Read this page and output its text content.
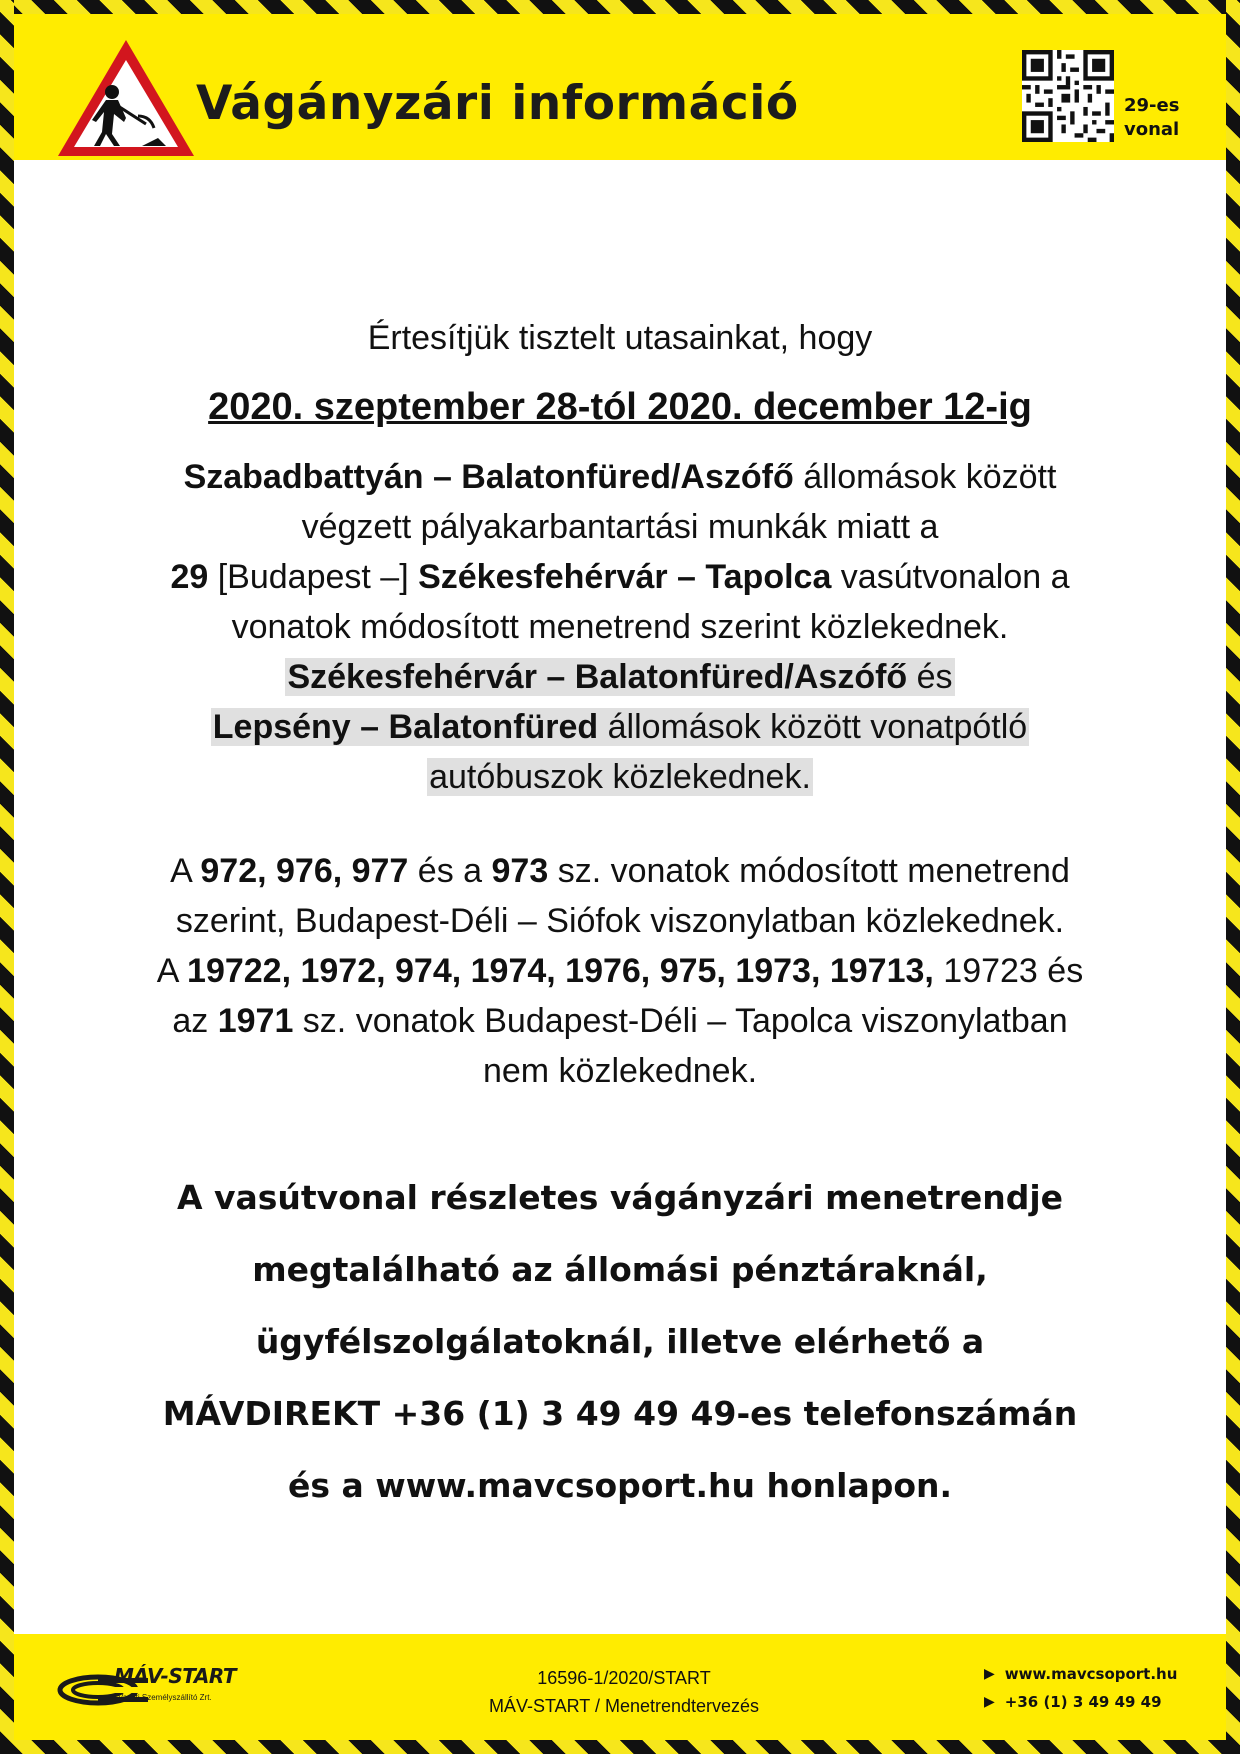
Vágányzári információ	29-es
vonal

Értesítjük tisztelt utasainkat, hogy

2020. szeptember 28-tól 2020. december 12-ig

Szabadbattyán – Balatonfüred/Aszófő állomások között

végzett pályakarbantartási munkák miatt a

29 [Budapest –] Székesfehérvár – Tapolca vasútvonalon a

vonatok módosított menetrend szerint közlekednek.

Székesfehérvár – Balatonfüred/Aszófő és

Lepsény – Balatonfüred állomások között vonatpótló

autóbuszok közlekednek.

A 972, 976, 977 és a 973 sz. vonatok módosított menetrend

szerint, Budapest-Déli – Siófok viszonylatban közlekednek.

A 19722, 1972, 974, 1974, 1976, 975, 1973, 19713, 19723 és

az 1971 sz. vonatok Budapest-Déli – Tapolca viszonylatban

nem közlekednek.

A vasútvonal részletes vágányzári menetrendje

megtalálható az állomási pénztáraknál,

ügyfélszolgálatoknál, illetve elérhető a

MÁVDIREKT +36 (1) 3 49 49 49-es telefonszámán

és a www.mavcsoport.hu honlapon.

MÁV-START
Vasúti Személyszállító Zrt.
16596-1/2020/START
MÁV-START / Menetrendtervezés
▶ www.mavcsoport.hu
▶ +36 (1) 3 49 49 49
